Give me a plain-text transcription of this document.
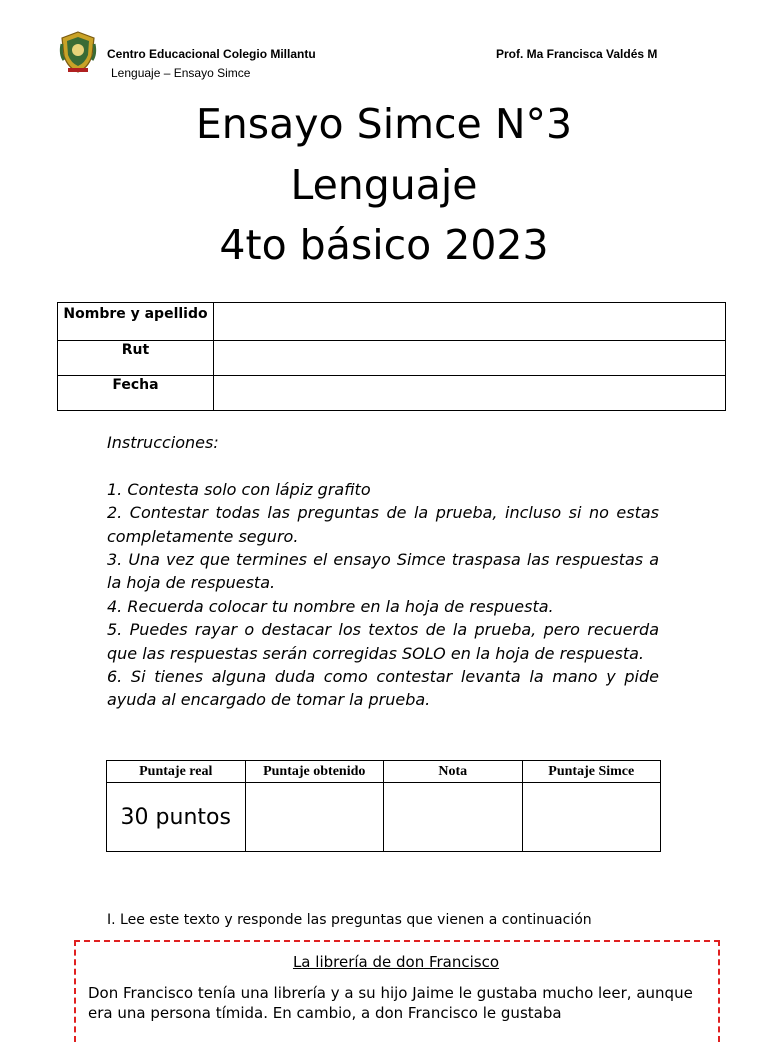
Centro Educacional Colegio Millantu
Lenguaje – Ensayo Simce
Prof. Ma Francisca Valdés M
Ensayo Simce N°3
Lenguaje
4to básico 2023
Nombre y apellido	
Rut	
Fecha	

Instrucciones:

1. Contesta solo con lápiz grafito

2. Contestar todas las preguntas de la prueba, incluso si no estas completamente seguro.

3. Una vez que termines el ensayo Simce traspasa las respuestas a la hoja de respuesta.

4. Recuerda colocar tu nombre en la hoja de respuesta.

5. Puedes rayar o destacar los textos de la prueba, pero recuerda que las respuestas serán corregidas SOLO en la hoja de respuesta.

6. Si tienes alguna duda como contestar levanta la mano y pide ayuda al encargado de tomar la prueba.

Puntaje real	Puntaje obtenido	Nota	Puntaje Simce
30 puntos			
I. Lee este texto y responde las preguntas que vienen a continuación
La librería de don Francisco

Don Francisco tenía una librería y a su hijo Jaime le gustaba mucho leer, aunque era una persona tímida. En cambio, a don Francisco le gustaba
